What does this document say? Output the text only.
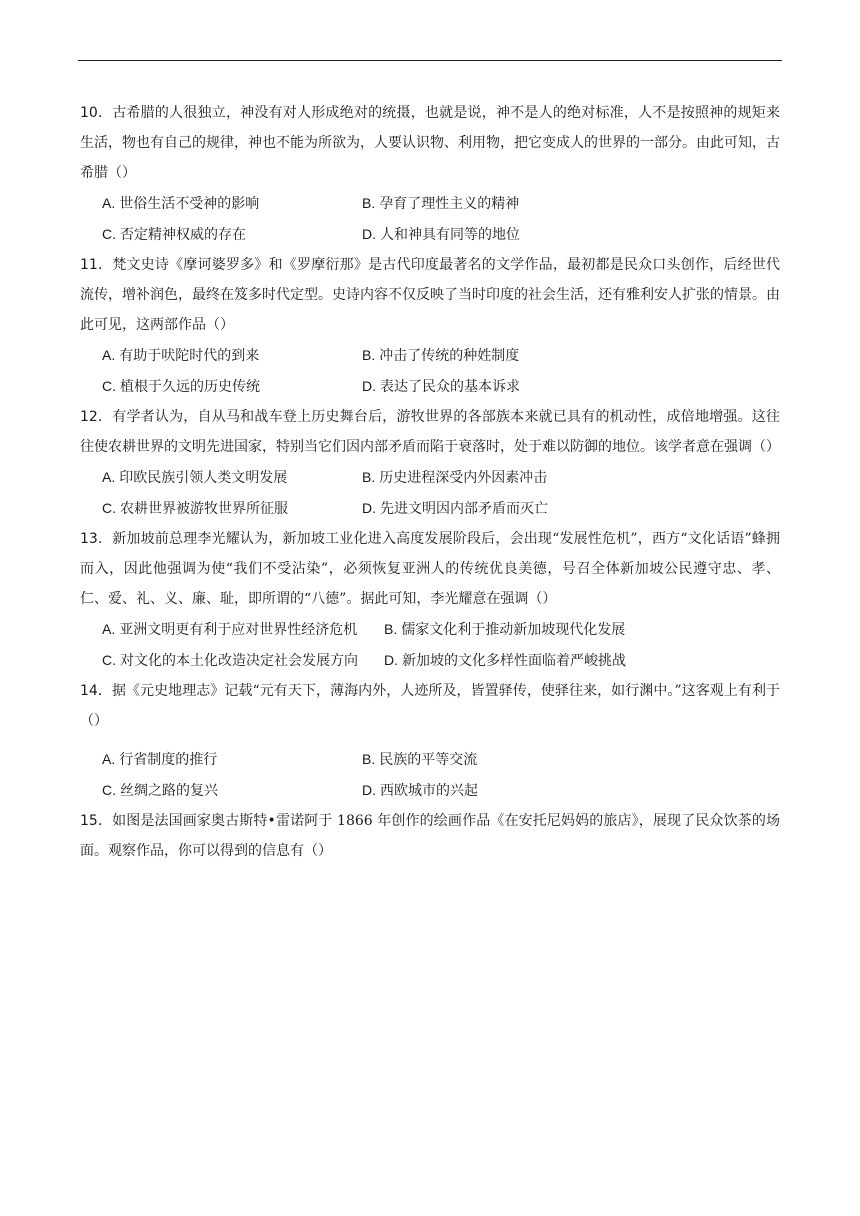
10．古希腊的人很独立，神没有对人形成绝对的统摄，也就是说，神不是人的绝对标准，人不是按照神的规矩来生活，物也有自己的规律，神也不能为所欲为，人要认识物、利用物，把它变成人的世界的一部分。由此可知，古希腊（）

A. 世俗生活不受神的影响	B. 孕育了理性主义的精神
C. 否定精神权威的存在	D. 人和神具有同等的地位

11．梵文史诗《摩诃婆罗多》和《罗摩衍那》是古代印度最著名的文学作品，最初都是民众口头创作，后经世代流传，增补润色，最终在笈多时代定型。史诗内容不仅反映了当时印度的社会生活，还有雅利安人扩张的情景。由此可见，这两部作品（）

A. 有助于吠陀时代的到来	B. 冲击了传统的种姓制度
C. 植根于久远的历史传统	D. 表达了民众的基本诉求

12．有学者认为，自从马和战车登上历史舞台后，游牧世界的各部族本来就已具有的机动性，成倍地增强。这往往使农耕世界的文明先进国家，特别当它们因内部矛盾而陷于衰落时，处于难以防御的地位。该学者意在强调（）

A. 印欧民族引领人类文明发展	B. 历史进程深受内外因素冲击
C. 农耕世界被游牧世界所征服	D. 先进文明因内部矛盾而灭亡

13．新加坡前总理李光耀认为，新加坡工业化进入高度发展阶段后，会出现“发展性危机”，西方“文化话语”蜂拥而入，因此他强调为使“我们不受沾染”，必须恢复亚洲人的传统优良美德，号召全体新加坡公民遵守忠、孝、仁、爱、礼、义、廉、耻，即所谓的“八德”。据此可知，李光耀意在强调（）

A. 亚洲文明更有利于应对世界性经济危机	B. 儒家文化利于推动新加坡现代化发展
C. 对文化的本土化改造决定社会发展方向	D. 新加坡的文化多样性面临着严峻挑战

14．据《元史地理志》记载“元有天下，薄海内外，人迹所及，皆置驿传，使驿往来，如行渊中。”这客观上有利于（）

A. 行省制度的推行	B. 民族的平等交流
C. 丝绸之路的复兴	D. 西欧城市的兴起

15．如图是法国画家奥古斯特•雷诺阿于 1866 年创作的绘画作品《在安托尼妈妈的旅店》，展现了民众饮茶的场面。观察作品，你可以得到的信息有（）
